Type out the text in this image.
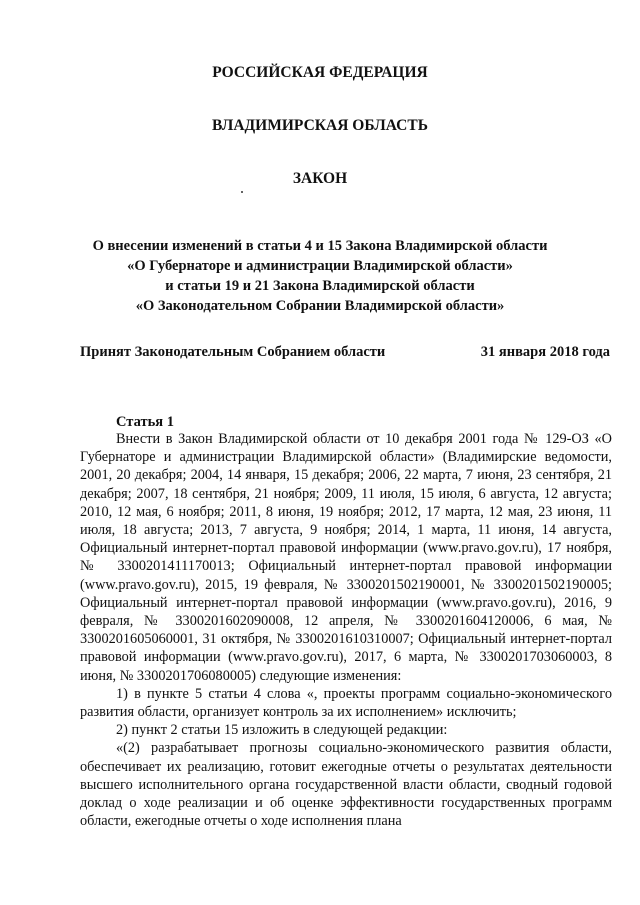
РОССИЙСКАЯ ФЕДЕРАЦИЯ
ВЛАДИМИРСКАЯ ОБЛАСТЬ
ЗАКОН
О внесении изменений в статьи 4 и 15 Закона Владимирской области
«О Губернаторе и администрации Владимирской области»
и статьи 19 и 21 Закона Владимирской области
«О Законодательном Собрании Владимирской области»
Принят Законодательным Собранием области	31 января 2018 года
Статья 1

Внести в Закон Владимирской области от 10 декабря 2001 года № 129-ОЗ «О Губернаторе и администрации Владимирской области» (Владимирские ведомости, 2001, 20 декабря; 2004, 14 января, 15 декабря; 2006, 22 марта, 7 июня, 23 сентября, 21 декабря; 2007, 18 сентября, 21 ноября; 2009, 11 июля, 15 июля, 6 августа, 12 августа; 2010, 12 мая, 6 ноября; 2011, 8 июня, 19 ноября; 2012, 17 марта, 12 мая, 23 июня, 11 июля, 18 августа; 2013, 7 августа, 9 ноября; 2014, 1 марта, 11 июня, 14 августа, Официальный интернет-портал правовой информации (www.pravo.gov.ru), 17 ноября, № 3300201411170013; Официальный интернет-портал правовой информации (www.pravo.gov.ru), 2015, 19 февраля, № 3300201502190001, № 3300201502190005; Официальный интернет-портал правовой информации (www.pravo.gov.ru), 2016, 9 февраля, № 3300201602090008, 12 апреля, № 3300201604120006, 6 мая, № 3300201605060001, 31 октября, № 3300201610310007; Официальный интернет-портал правовой информации (www.pravo.gov.ru), 2017, 6 марта, № 3300201703060003, 8 июня, № 3300201706080005) следующие изменения:

1) в пункте 5 статьи 4 слова «, проекты программ социально-экономического развития области, организует контроль за их исполнением» исключить;

2) пункт 2 статьи 15 изложить в следующей редакции:

«(2) разрабатывает прогнозы социально-экономического развития области, обеспечивает их реализацию, готовит ежегодные отчеты о результатах деятельности высшего исполнительного органа государственной власти области, сводный годовой доклад о ходе реализации и об оценке эффективности государственных программ области, ежегодные отчеты о ходе исполнения плана
